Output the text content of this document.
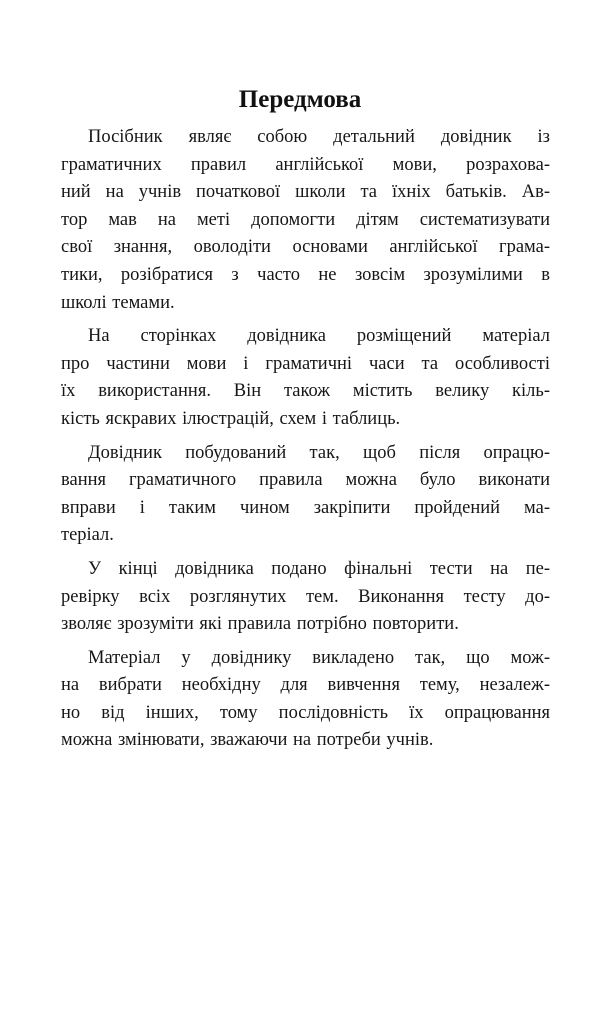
Передмова
Посібник являє собою детальний довідник із
граматичних правил англійської мови, розрахова-
ний на учнів початкової школи та їхніх батьків. Ав-
тор мав на меті допомогти дітям систематизувати
свої знання, оволодіти основами англійської грама-
тики, розібратися з часто не зовсім зрозумілими в
школі темами.
На сторінках довідника розміщений матеріал
про частини мови і граматичні часи та особливості
їх використання. Він також містить велику кіль-
кість яскравих ілюстрацій, схем і таблиць.
Довідник побудований так, щоб після опрацю-
вання граматичного правила можна було виконати
вправи і таким чином закріпити пройдений ма-
теріал.
У кінці довідника подано фінальні тести на пе-
ревірку всіх розглянутих тем. Виконання тесту до-
зволяє зрозуміти які правила потрібно повторити.
Матеріал у довіднику викладено так, що мож-
на вибрати необхідну для вивчення тему, незалеж-
но від інших, тому послідовність їх опрацювання
можна змінювати, зважаючи на потреби учнів.
